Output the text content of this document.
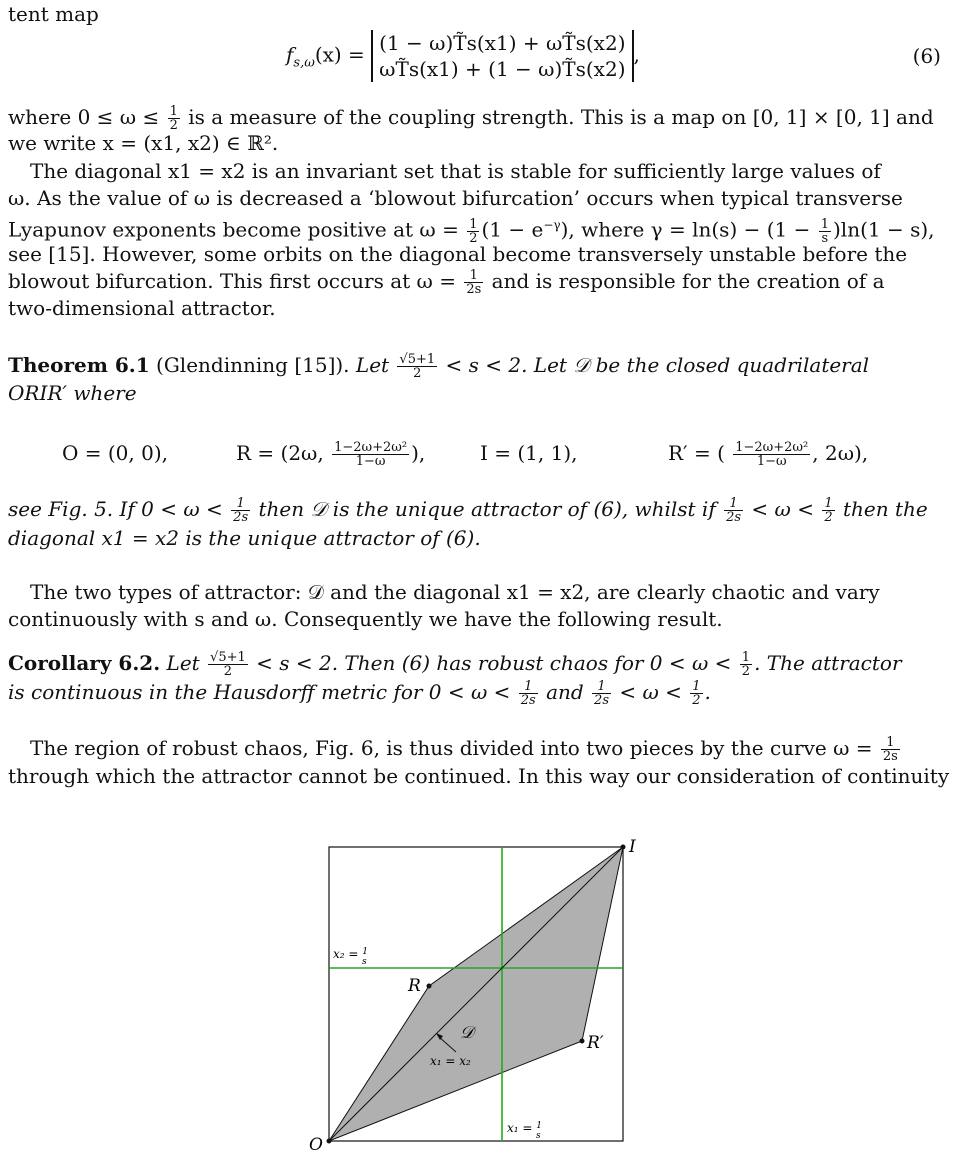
tent map
$f_{s,\omega}(x) = (1$ − ω)T̃s(x1) + ωT̃s(x2)
ωT̃s(x1) + (1 − ω)T̃s(x2)
,	(6)
where $0 \le \omega \le \frac{1}{2}$ is a measure of the coupling strength. This is a map on [0, 1] × [0, 1] and
we write x = (x1, x2) ∈ ℝ².
The diagonal x1 = x2 is an invariant set that is stable for sufficiently large values of
ω. As the value of ω is decreased a ‘blowout bifurcation’ occurs when typical transverse
Lyapunov exponents become positive at $\omega = \frac{1}{2} (1 - e^{-\gamma})$, where $\gamma = \ln(s) - (1 - \frac{1}{s} )\ln(1 - s)$,
see [15]. However, some orbits on the diagonal become transversely unstable before the
blowout bifurcation. This first occurs at $\omega = \frac{1}{2s}$ and is responsible for the creation of a
two-dimensional attractor.
Theorem 6.1 (Glendinning [15]). Let $\frac{√5+1}{2} < s < 2$. Let 𝒟 be the closed quadrilateral
ORIR′ where
O = (0, 0),	R = (2ω, $\frac{\text{1−2ω+2ω²}}{1-\omega}$ ),	I = (1, 1),	R′ = ( $\frac{\text{1−2ω+2ω²}}{1-\omega}$ , 2ω),
see Fig. 5. If $0 < \omega < \frac{1}{2s}$ then 𝒟 is the unique attractor of (6), whilst if $\frac{1}{2s} < \omega < \frac{1}{2}$ then the
diagonal x1 = x2 is the unique attractor of (6).
The two types of attractor: 𝒟 and the diagonal x1 = x2, are clearly chaotic and vary
continuously with s and ω. Consequently we have the following result.
Corollary 6.2. Let $\frac{√5+1}{2} < s < 2$. Then (6) has robust chaos for $0 < \omega < \frac{1}{2}$ . The attractor
is continuous in the Hausdorff metric for $0 < \omega < \frac{1}{2s}$ and $\frac{1}{2s} < \omega < \frac{1}{2}$ .
The region of robust chaos, Fig. 6, is thus divided into two pieces by the curve $\omega = \frac{1}{2s}$
through which the attractor cannot be continued. In this way our consideration of continuity
I
R
𝒟	R′
O
x₂ = $^1$ s
x₁ = x₂
x₁ = $^1$ s
